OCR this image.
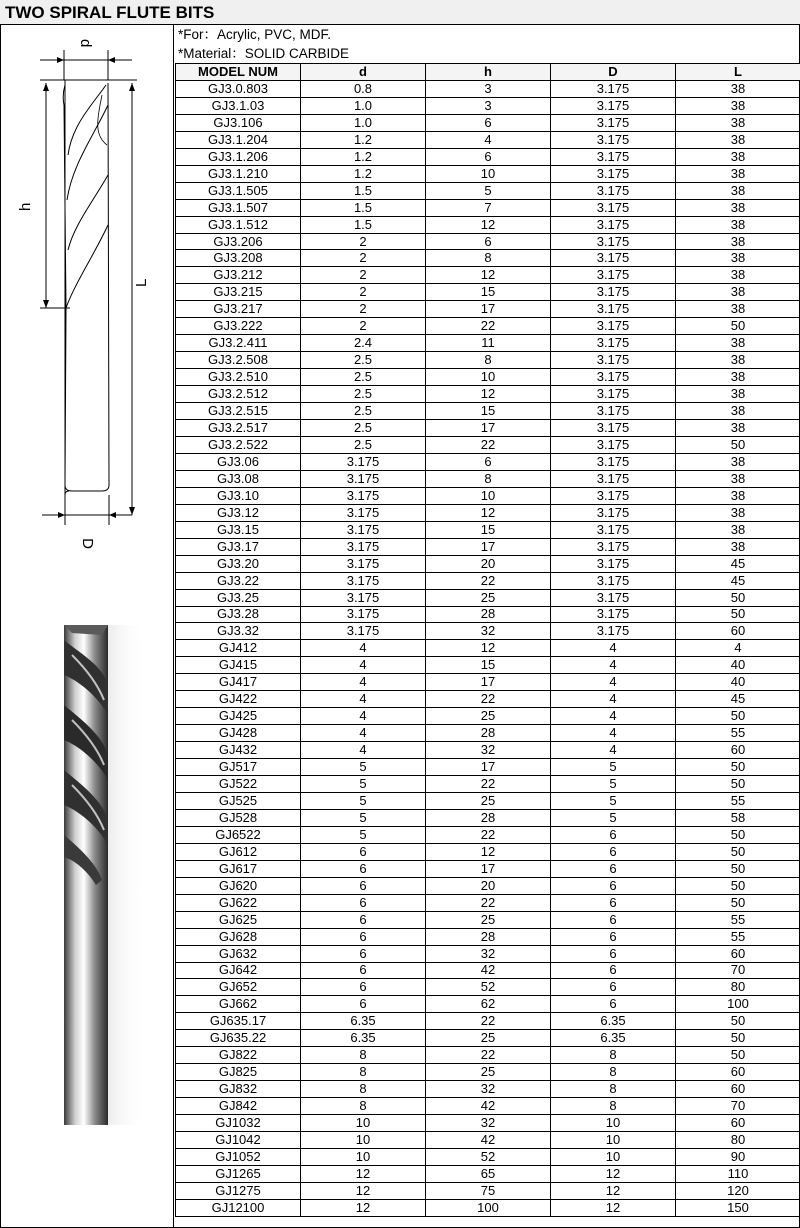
TWO SPIRAL FLUTE BITS
d
h
L
D
*For：Acrylic, PVC, MDF.
*Material：SOLID CARBIDE
MODEL NUM	d	h	D	L
GJ3.0.803	0.8	3	3.175	38
GJ3.1.03	1.0	3	3.175	38
GJ3.106	1.0	6	3.175	38
GJ3.1.204	1.2	4	3.175	38
GJ3.1.206	1.2	6	3.175	38
GJ3.1.210	1.2	10	3.175	38
GJ3.1.505	1.5	5	3.175	38
GJ3.1.507	1.5	7	3.175	38
GJ3.1.512	1.5	12	3.175	38
GJ3.206	2	6	3.175	38
GJ3.208	2	8	3.175	38
GJ3.212	2	12	3.175	38
GJ3.215	2	15	3.175	38
GJ3.217	2	17	3.175	38
GJ3.222	2	22	3.175	50
GJ3.2.411	2.4	11	3.175	38
GJ3.2.508	2.5	8	3.175	38
GJ3.2.510	2.5	10	3.175	38
GJ3.2.512	2.5	12	3.175	38
GJ3.2.515	2.5	15	3.175	38
GJ3.2.517	2.5	17	3.175	38
GJ3.2.522	2.5	22	3.175	50
GJ3.06	3.175	6	3.175	38
GJ3.08	3.175	8	3.175	38
GJ3.10	3.175	10	3.175	38
GJ3.12	3.175	12	3.175	38
GJ3.15	3.175	15	3.175	38
GJ3.17	3.175	17	3.175	38
GJ3.20	3.175	20	3.175	45
GJ3.22	3.175	22	3.175	45
GJ3.25	3.175	25	3.175	50
GJ3.28	3.175	28	3.175	50
GJ3.32	3.175	32	3.175	60
GJ412	4	12	4	4
GJ415	4	15	4	40
GJ417	4	17	4	40
GJ422	4	22	4	45
GJ425	4	25	4	50
GJ428	4	28	4	55
GJ432	4	32	4	60
GJ517	5	17	5	50
GJ522	5	22	5	50
GJ525	5	25	5	55
GJ528	5	28	5	58
GJ6522	5	22	6	50
GJ612	6	12	6	50
GJ617	6	17	6	50
GJ620	6	20	6	50
GJ622	6	22	6	50
GJ625	6	25	6	55
GJ628	6	28	6	55
GJ632	6	32	6	60
GJ642	6	42	6	70
GJ652	6	52	6	80
GJ662	6	62	6	100
GJ635.17	6.35	22	6.35	50
GJ635.22	6.35	25	6.35	50
GJ822	8	22	8	50
GJ825	8	25	8	60
GJ832	8	32	8	60
GJ842	8	42	8	70
GJ1032	10	32	10	60
GJ1042	10	42	10	80
GJ1052	10	52	10	90
GJ1265	12	65	12	110
GJ1275	12	75	12	120
GJ12100	12	100	12	150
